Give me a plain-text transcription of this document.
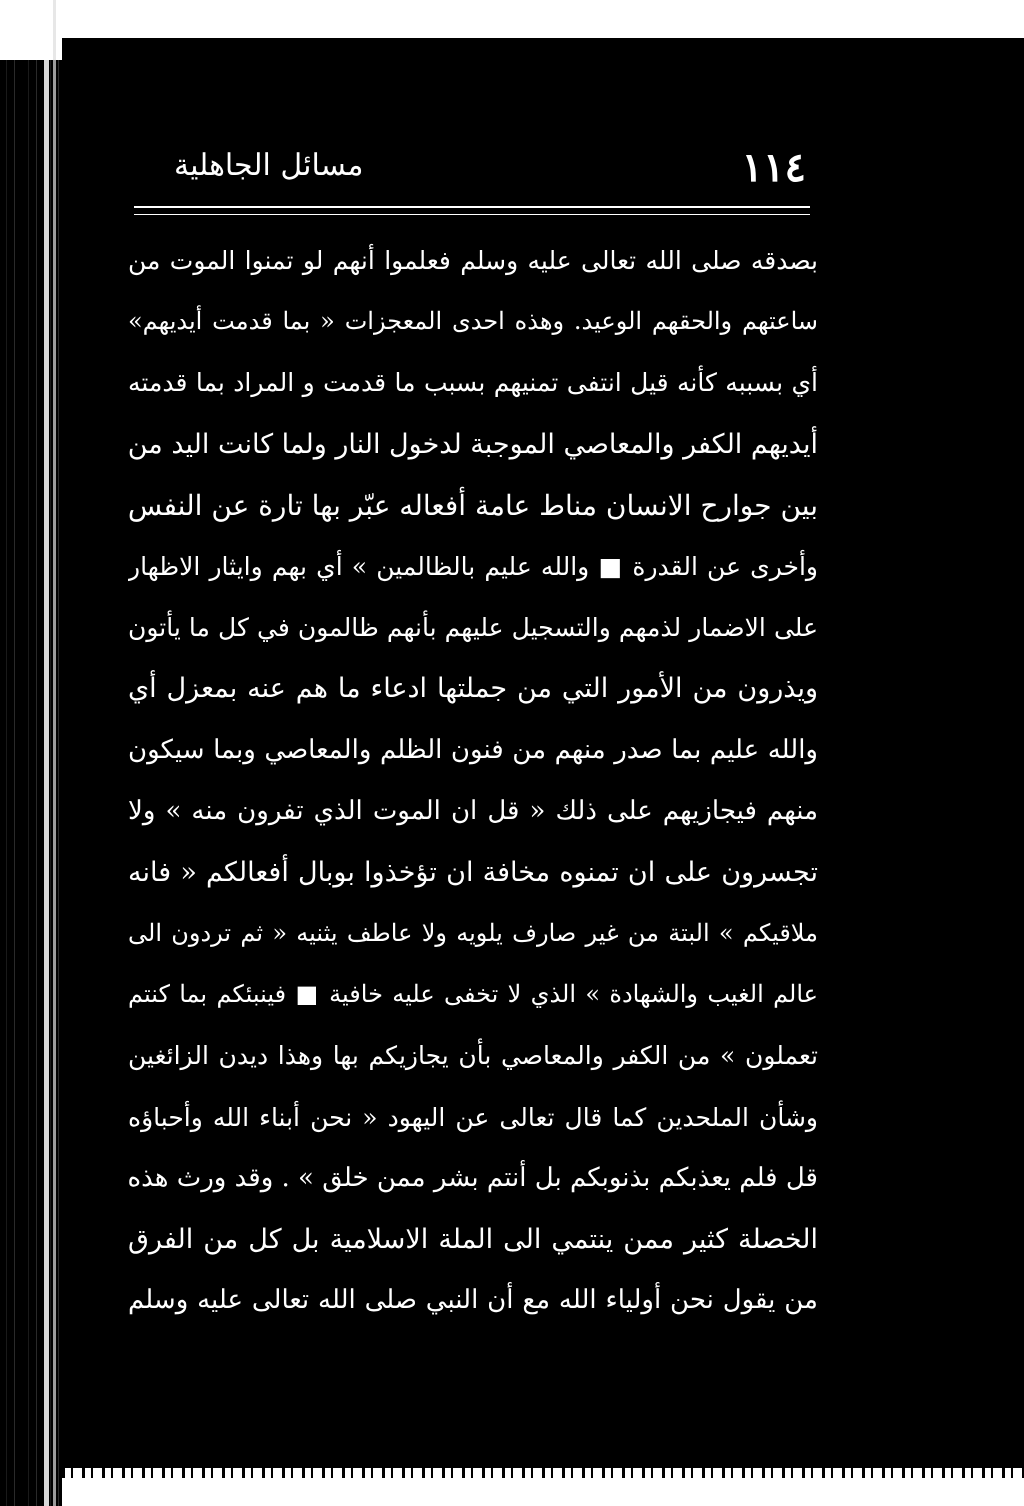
١١٤
مسائل الجاهلية
بصدقه صلى الله تعالى عليه وسلم فعلموا أنهم لو تمنوا الموت من
ساعتهم والحقهم الوعيد. وهذه احدى المعجزات « بما قدمت أيديهم»
أي بسببه كأنه قيل انتفى تمنيهم بسبب ما قدمت و المراد بما قدمته
أيديهم الكفر والمعاصي الموجبة لدخول النار ولما كانت اليد من
بين جوارح الانسان مناط عامة أفعاله عبّر بها تارة عن النفس
وأخرى عن القدرة ■ والله عليم بالظالمين » أي بهم وايثار الاظهار
على الاضمار لذمهم والتسجيل عليهم بأنهم ظالمون في كل ما يأتون
ويذرون من الأمور التي من جملتها ادعاء ما هم عنه بمعزل أي
والله عليم بما صدر منهم من فنون الظلم والمعاصي وبما سيكون
منهم فيجازيهم على ذلك « قل ان الموت الذي تفرون منه » ولا
تجسرون على ان تمنوه مخافة ان تؤخذوا بوبال أفعالكم « فانه
ملاقيكم » البتة من غير صارف يلويه ولا عاطف يثنيه « ثم تردون الى
عالم الغيب والشهادة » الذي لا تخفى عليه خافية ■ فينبئكم بما كنتم
تعملون » من الكفر والمعاصي بأن يجازيكم بها وهذا ديدن الزائغين
وشأن الملحدين كما قال تعالى عن اليهود « نحن أبناء الله وأحباؤه
قل فلم يعذبكم بذنوبكم بل أنتم بشر ممن خلق » . وقد ورث هذه
الخصلة كثير ممن ينتمي الى الملة الاسلامية بل كل من الفرق
من يقول نحن أولياء الله مع أن النبي صلى الله تعالى عليه وسلم
